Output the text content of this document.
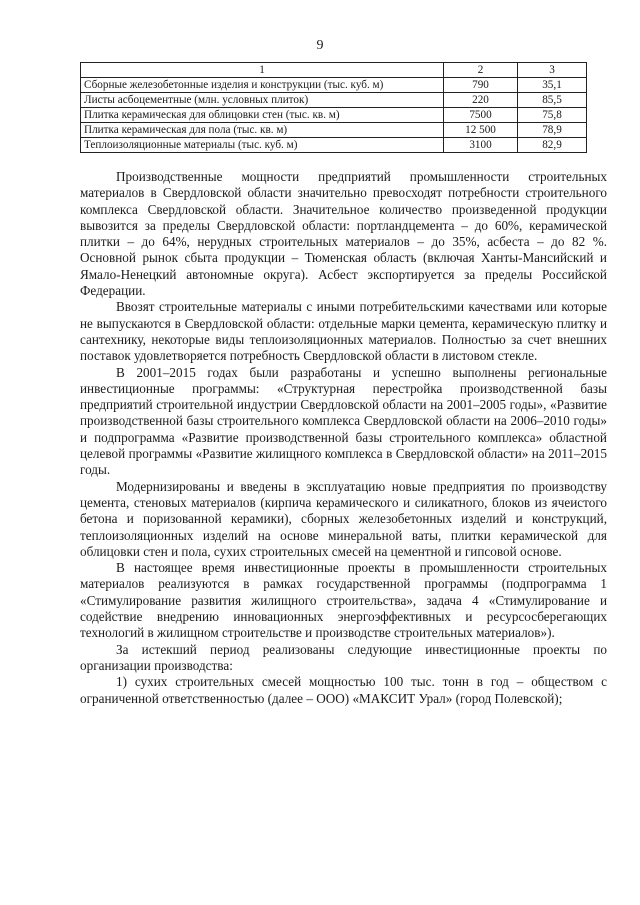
9
1	2	3
Сборные железобетонные изделия и конструкции (тыс. куб. м)	790	35,1
Листы асбоцементные (млн. условных плиток)	220	85,5
Плитка керамическая для облицовки стен (тыс. кв. м)	7500	75,8
Плитка керамическая для пола (тыс. кв. м)	12 500	78,9
Теплоизоляционные материалы (тыс. куб. м)	3100	82,9

Производственные мощности предприятий промышленности строительных материалов в Свердловской области значительно превосходят потребности строительного комплекса Свердловской области. Значительное количество произведенной продукции вывозится за пределы Свердловской области: портландцемента – до 60%, керамической плитки – до 64%, нерудных строительных материалов – до 35%, асбеста – до 82 %. Основной рынок сбыта продукции – Тюменская область (включая Ханты-Мансийский и Ямало-Ненецкий автономные округа). Асбест экспортируется за пределы Российской Федерации.

Ввозят строительные материалы с иными потребительскими качествами или которые не выпускаются в Свердловской области: отдельные марки цемента, керамическую плитку и сантехнику, некоторые виды теплоизоляционных материалов. Полностью за счет внешних поставок удовлетворяется потребность Свердловской области в листовом стекле.

В 2001–2015 годах были разработаны и успешно выполнены региональные инвестиционные программы: «Структурная перестройка производственной базы предприятий строительной индустрии Свердловской области на 2001–2005 годы», «Развитие производственной базы строительного комплекса Свердловской области на 2006–2010 годы» и подпрограмма «Развитие производственной базы строительного комплекса» областной целевой программы «Развитие жилищного комплекса в Свердловской области» на 2011–2015 годы.

Модернизированы и введены в эксплуатацию новые предприятия по производству цемента, стеновых материалов (кирпича керамического и силикатного, блоков из ячеистого бетона и поризованной керамики), сборных железобетонных изделий и конструкций, теплоизоляционных изделий на основе минеральной ваты, плитки керамической для облицовки стен и пола, сухих строительных смесей на цементной и гипсовой основе.

В настоящее время инвестиционные проекты в промышленности строительных материалов реализуются в рамках государственной программы (подпрограмма 1 «Стимулирование развития жилищного строительства», задача 4 «Стимулирование и содействие внедрению инновационных энергоэффективных и ресурсосберегающих технологий в жилищном строительстве и производстве строительных материалов»).

За истекший период реализованы следующие инвестиционные проекты по организации производства:

1) сухих строительных смесей мощностью 100 тыс. тонн в год – обществом с ограниченной ответственностью (далее – ООО) «МАКСИТ Урал» (город Полевской);
